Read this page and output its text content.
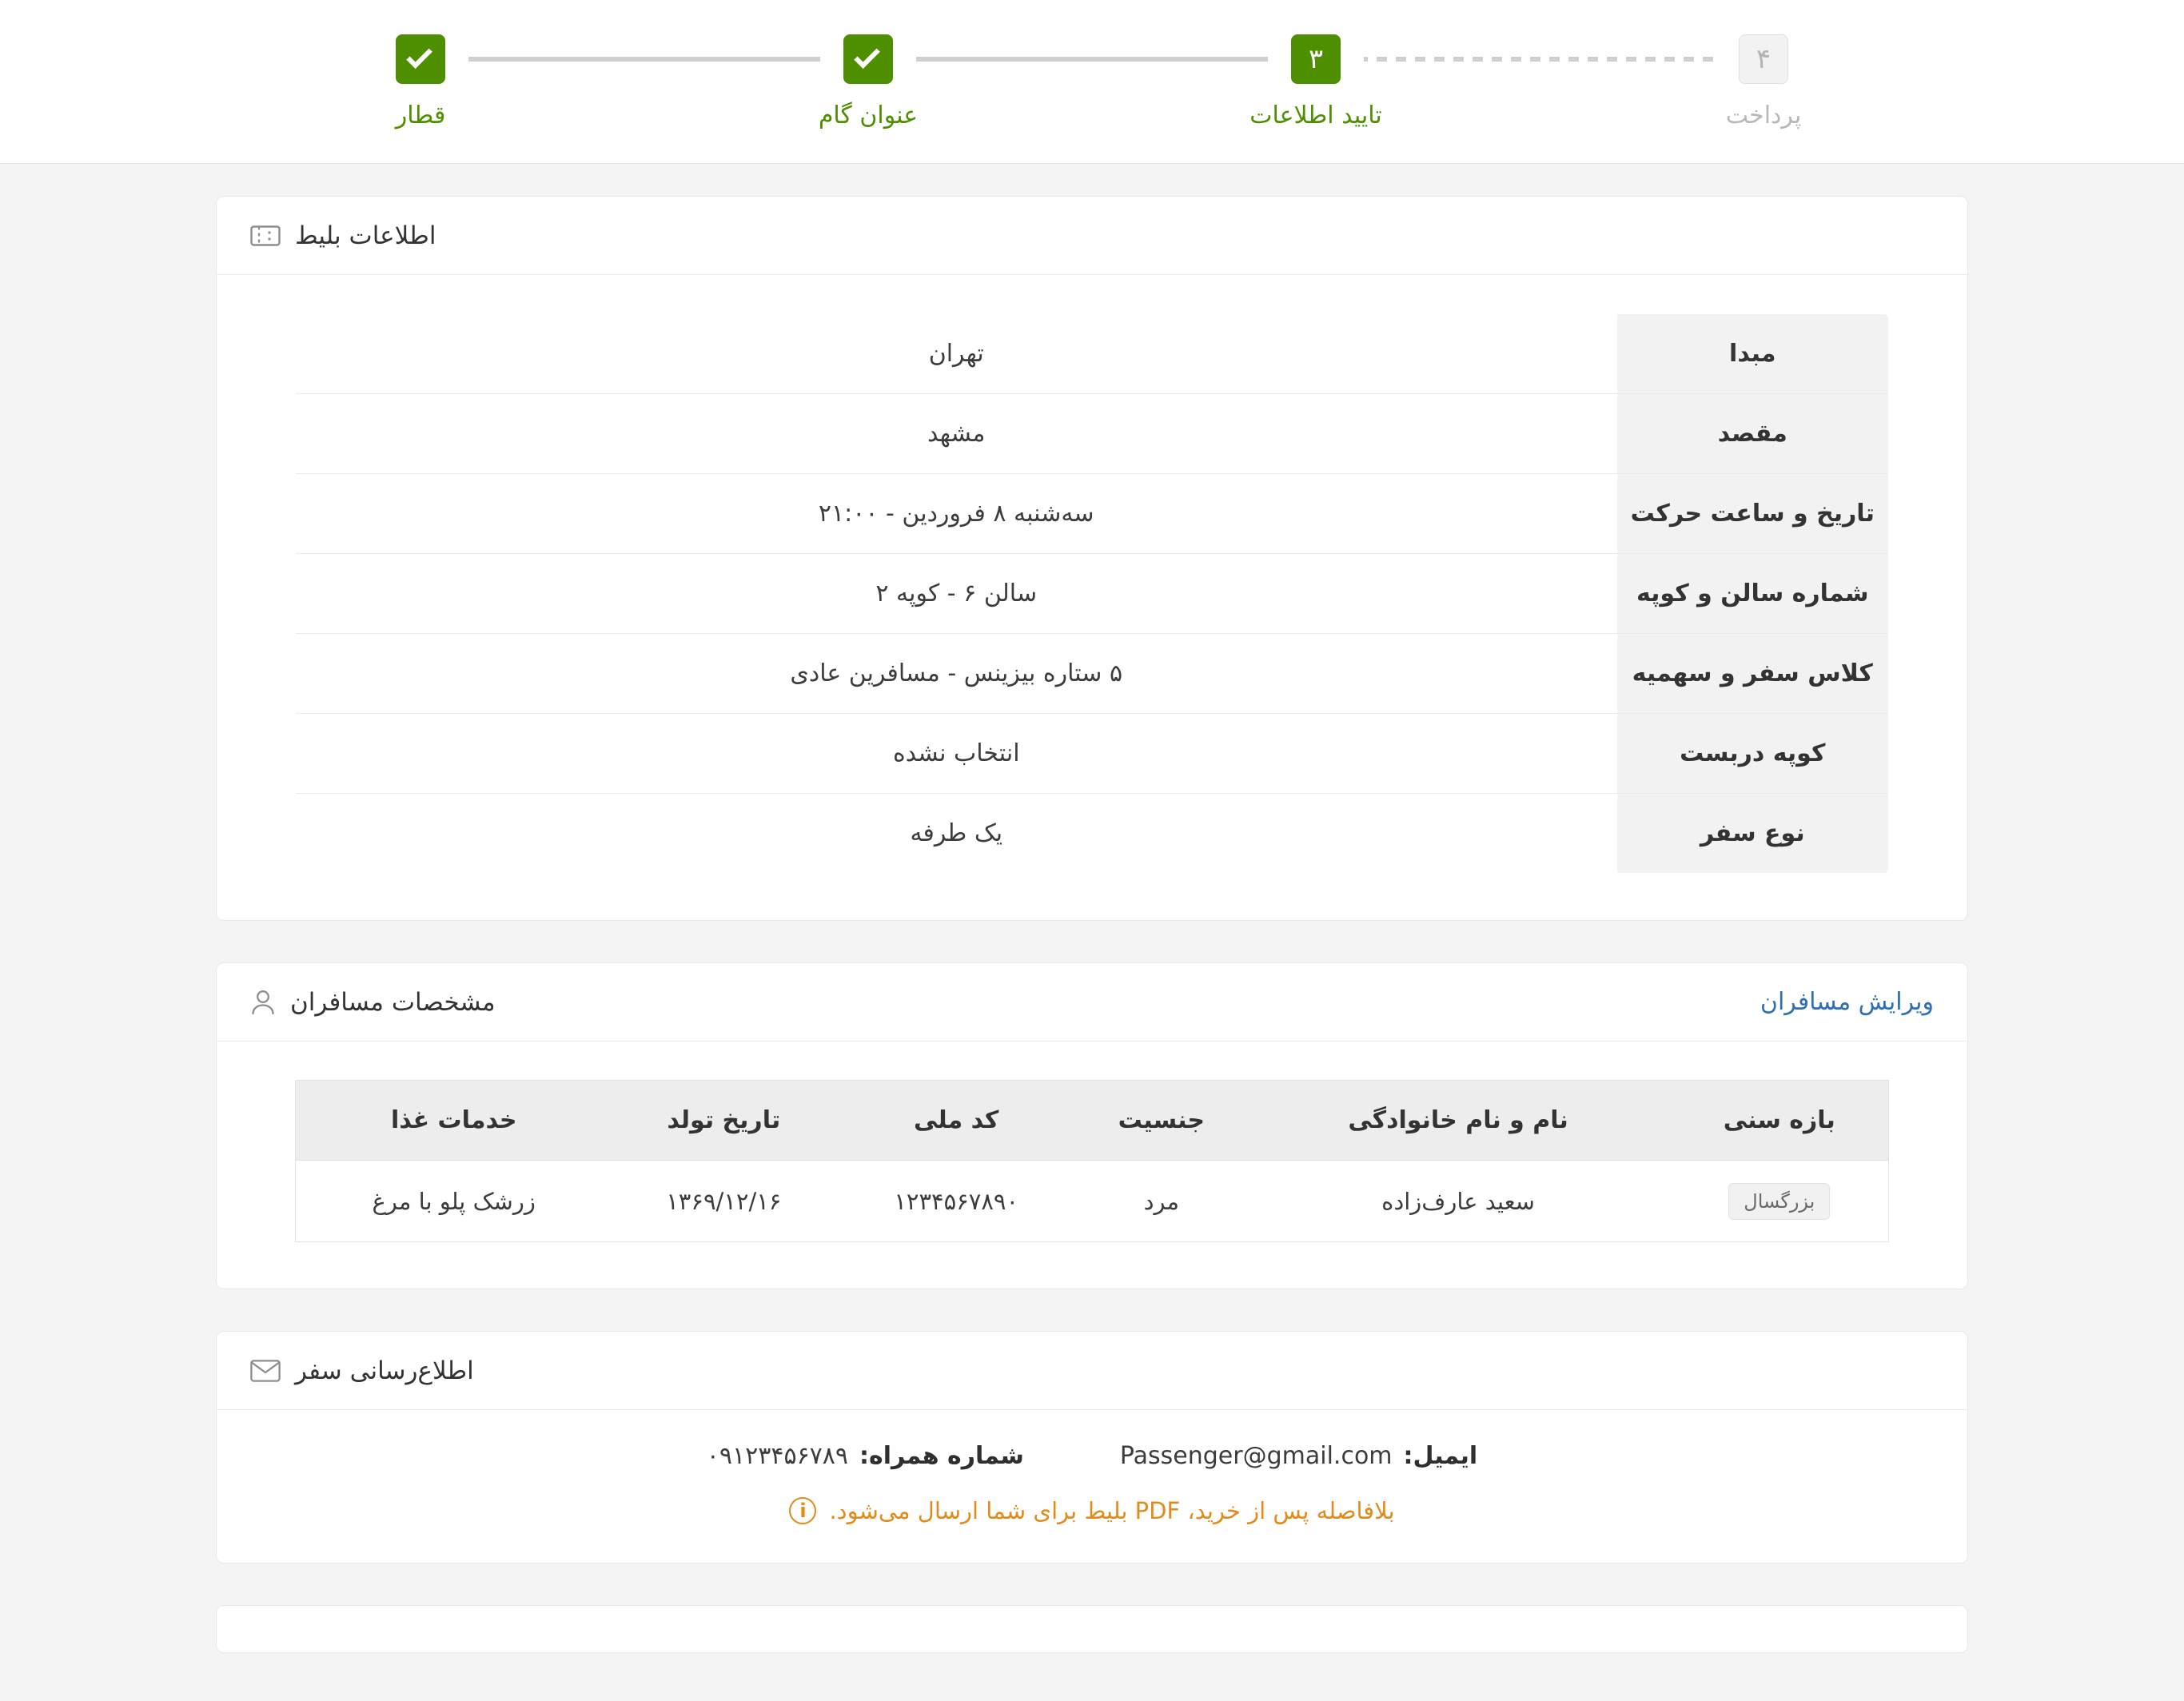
۴
پرداخت
۳
تایید اطلاعات
عنوان گام
قطار
اطلاعات بلیط
مبدا	تهران
مقصد	مشهد
تاریخ و ساعت حرکت	سه‌شنبه ۸ فروردین - ۲۱:۰۰
شماره سالن و کوپه	سالن ۶ - کوپه ۲
کلاس سفر و سهمیه	۵ ستاره بیزینس - مسافرین عادی
کوپه دربست	انتخاب نشده
نوع سفر	یک طرفه
ویرایش مسافران
مشخصات مسافران
بازه سنی	نام و نام خانوادگی	جنسیت	کد ملی	تاریخ تولد	خدمات غذا
بزرگسال	سعید عارف‌زاده	مرد	۱۲۳۴۵۶۷۸۹۰	۱۳۶۹/۱۲/۱۶	زرشک پلو با مرغ
اطلاع‌رسانی سفر
ایمیل:
Passenger@gmail.com
شماره همراه:
۰۹۱۲۳۴۵۶۷۸۹
بلافاصله پس از خرید، PDF بلیط برای شما ارسال می‌شود.
i
